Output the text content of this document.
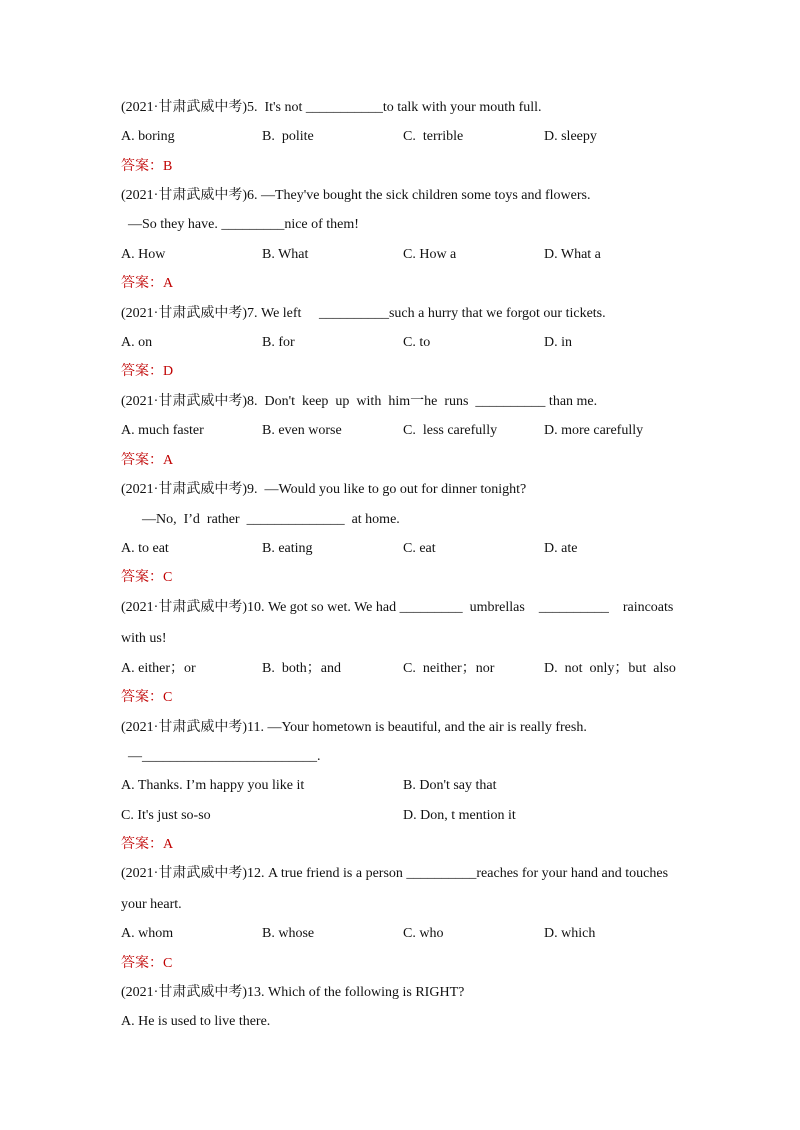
(2021·甘肃武威中考)5.  It's not ___________to talk with your mouth full.
A. boring	B.  polite	C.  terrible	D. sleepy
答案：B
(2021·甘肃武威中考)6. —They've bought the sick children some toys and flowers.
—So they have. _________nice of them!
A. How	B. What	C. How a	D. What a
答案：A
(2021·甘肃武威中考)7. We left     __________such a hurry that we forgot our tickets.
A. on	B. for	C. to	D. in
答案：D
(2021·甘肃武威中考)8.  Don't  keep  up  with  him一he  runs  __________ than me.
A. much faster	B. even worse	C.  less carefully	D. more carefully
答案：A
(2021·甘肃武威中考)9.  —Would you like to go out for dinner tonight?
—No,  I’d  rather  ______________  at home.
A. to eat	B. eating	C. eat	D. ate
答案：C
(2021·甘肃武威中考)10. We got so wet. We had _________  umbrellas    __________    raincoats
with us!
A. either；or	B.  both；and	C.  neither；nor	D.  not  only；but  also
答案：C
(2021·甘肃武威中考)11. —Your hometown is beautiful, and the air is really fresh.
—_________________________.
A. Thanks. I’m happy you like it	B. Don't say that
C. It's just so-so	D. Don, t mention it
答案：A
(2021·甘肃武威中考)12. A true friend is a person __________reaches for your hand and touches
your heart.
A. whom	B. whose	C. who	D. which
答案：C
(2021·甘肃武威中考)13. Which of the following is RIGHT?
A. He is used to live there.
